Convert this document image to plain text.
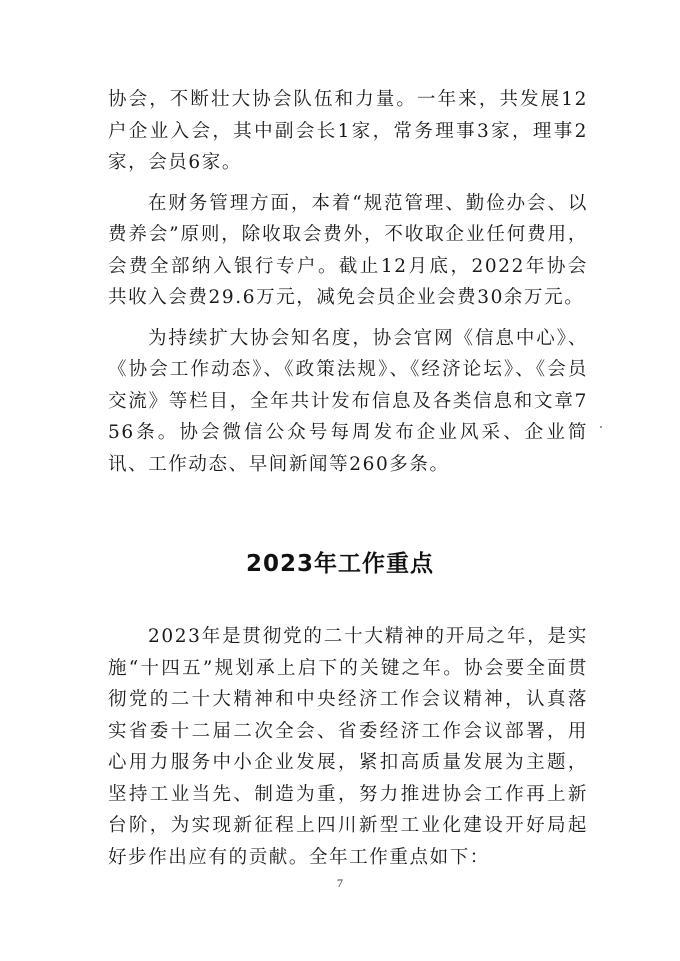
协会，不断壮大协会队伍和力量。一年来，共发展12户企业入会，其中副会长1家，常务理事3家，理事2家，会员6家。

在财务管理方面，本着“规范管理、勤俭办会、以费养会”原则，除收取会费外，不收取企业任何费用，会费全部纳入银行专户。截止12月底，2022年协会共收入会费29.6万元，减免会员企业会费30余万元。

为持续扩大协会知名度，协会官网《信息中心》、《协会工作动态》、《政策法规》、《经济论坛》、《会员交流》等栏目，全年共计发布信息及各类信息和文章756条。协会微信公众号每周发布企业风采、企业简讯、工作动态、早间新闻等260多条。

2023年工作重点

2023年是贯彻党的二十大精神的开局之年，是实施“十四五”规划承上启下的关键之年。协会要全面贯彻党的二十大精神和中央经济工作会议精神，认真落实省委十二届二次全会、省委经济工作会议部署，用心用力服务中小企业发展，紧扣高质量发展为主题，坚持工业当先、制造为重，努力推进协会工作再上新台阶，为实现新征程上四川新型工业化建设开好局起好步作出应有的贡献。全年工作重点如下：

7
